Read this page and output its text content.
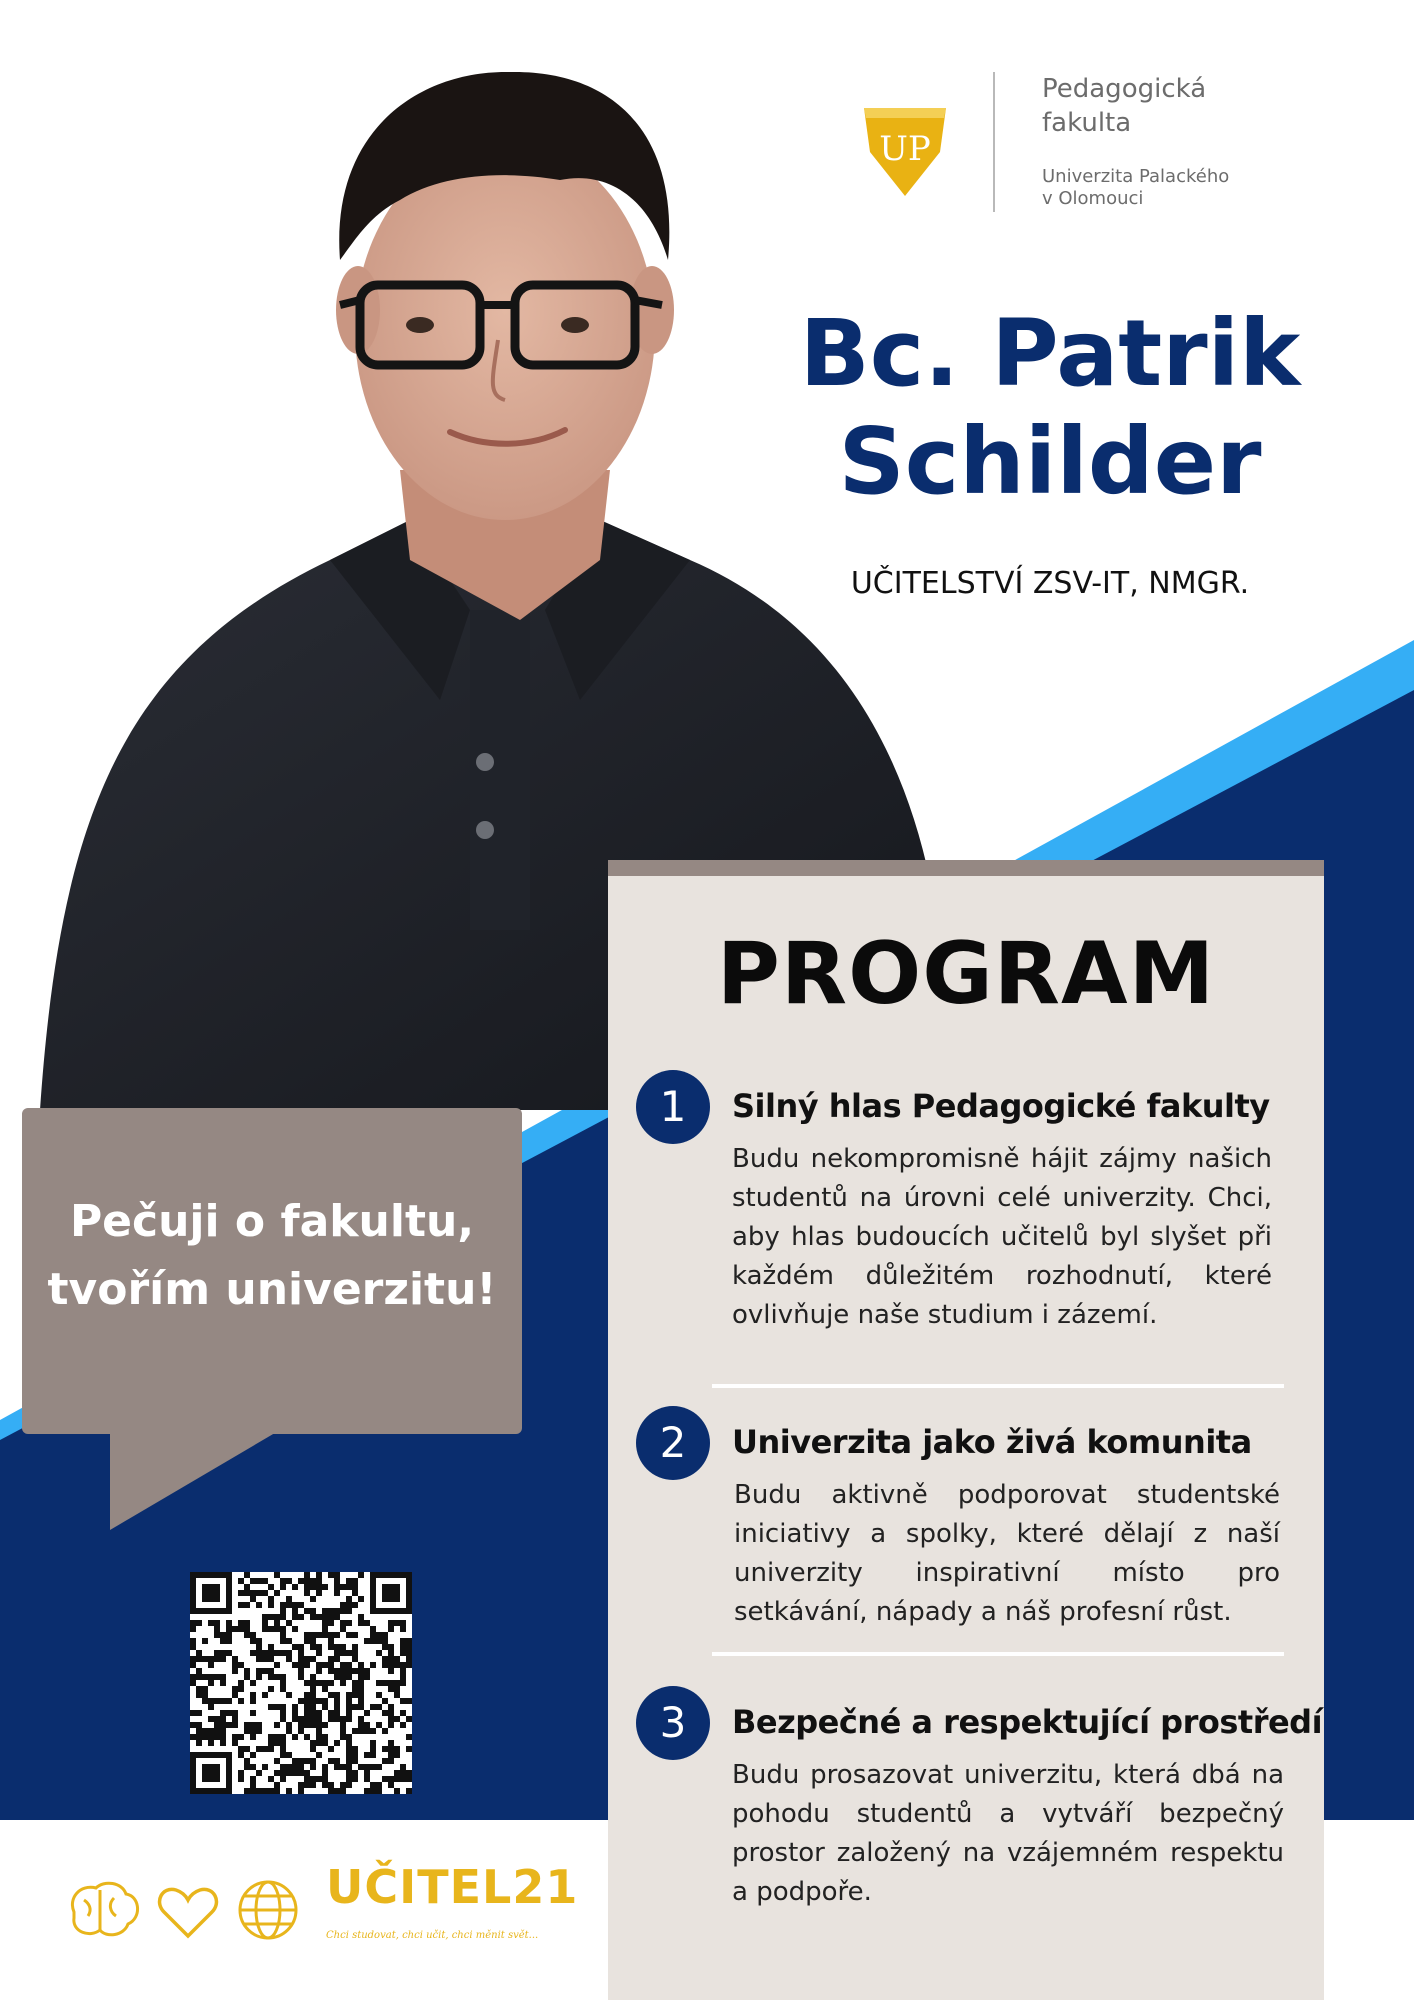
UP
Pedagogická
fakulta
Univerzita Palackého
v Olomouci
Bc. Patrik
Schilder
UČITELSTVÍ ZSV-IT, NMGR.
PROGRAM
1	Silný hlas Pedagogické fakulty
Budu nekompromisně hájit zájmy našich studentů na úrovni celé univerzity. Chci, aby hlas budoucích učitelů byl slyšet při každém důležitém rozhodnutí, které ovlivňuje naše studium i zázemí.
2	Univerzita jako živá komunita
Budu aktivně podporovat studentské iniciativy a spolky, které dělají z naší univerzity inspirativní místo pro setkávání, nápady a náš profesní růst.
3	Bezpečné a respektující prostředí
Budu prosazovat univerzitu, která dbá na pohodu studentů a vytváří bezpečný prostor založený na vzájemném respektu a podpoře.
Pečuji o fakultu,
tvořím univerzitu!
UČITEL21
Chci studovat, chci učit, chci měnit svět...
